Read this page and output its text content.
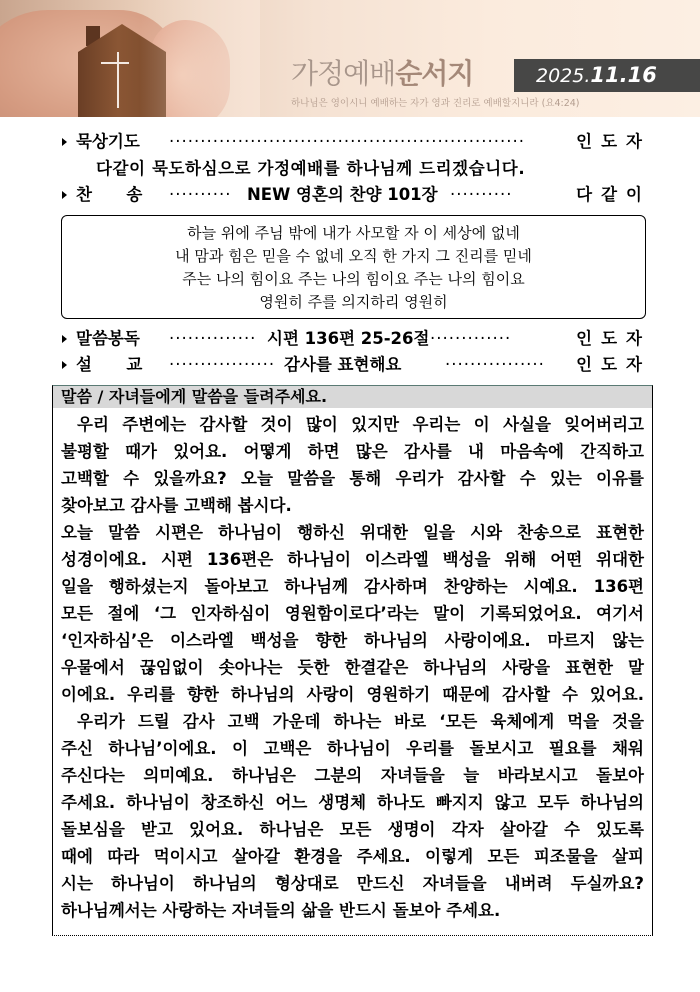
가정예배순서지	2025.11.16
하나님은 영이시니 예배하는 자가 영과 진리로 예배할지니라 (요4:24)
묵상기도 ·························································	인도자
다같이 묵도하심으로 가정예배를 하나님께 드리겠습니다.
찬      송 ·········· NEW 영혼의 찬양 101장 ··········	다같이
하늘 위에 주님 밖에 내가 사모할 자 이 세상에 없네
내 맘과 힘은 믿을 수 없네 오직 한 가지 그 진리를 믿네
주는 나의 힘이요 주는 나의 힘이요 주는 나의 힘이요
영원히 주를 의지하리 영원히
말씀봉독 ·············· 시편 136편 25-26절 ·············	인도자
설      교 ················· 감사를 표현해요	················ 인도자
말씀 / 자녀들에게 말씀을 들려주세요.
우리 주변에는 감사할 것이 많이 있지만 우리는 이 사실을 잊어버리고
불평할 때가 있어요. 어떻게 하면 많은 감사를 내 마음속에 간직하고
고백할 수 있을까요? 오늘 말씀을 통해 우리가 감사할 수 있는 이유를
찾아보고 감사를 고백해 봅시다.
오늘 말씀 시편은 하나님이 행하신 위대한 일을 시와 찬송으로 표현한
성경이에요. 시편 136편은 하나님이 이스라엘 백성을 위해 어떤 위대한
일을 행하셨는지 돌아보고 하나님께 감사하며 찬양하는 시예요. 136편
모든 절에 ‘그 인자하심이 영원함이로다’라는 말이 기록되었어요. 여기서
‘인자하심’은 이스라엘 백성을 향한 하나님의 사랑이에요. 마르지 않는
우물에서 끊임없이 솟아나는 듯한 한결같은 하나님의 사랑을 표현한 말
이에요. 우리를 향한 하나님의 사랑이 영원하기 때문에 감사할 수 있어요.
우리가 드릴 감사 고백 가운데 하나는 바로 ‘모든 육체에게 먹을 것을
주신 하나님’이에요. 이 고백은 하나님이 우리를 돌보시고 필요를 채워
주신다는 의미예요. 하나님은 그분의 자녀들을 늘 바라보시고 돌보아
주세요. 하나님이 창조하신 어느 생명체 하나도 빠지지 않고 모두 하나님의
돌보심을 받고 있어요. 하나님은 모든 생명이 각자 살아갈 수 있도록
때에 따라 먹이시고 살아갈 환경을 주세요. 이렇게 모든 피조물을 살피
시는 하나님이 하나님의 형상대로 만드신 자녀들을 내버려 두실까요?
하나님께서는 사랑하는 자녀들의 삶을 반드시 돌보아 주세요.
